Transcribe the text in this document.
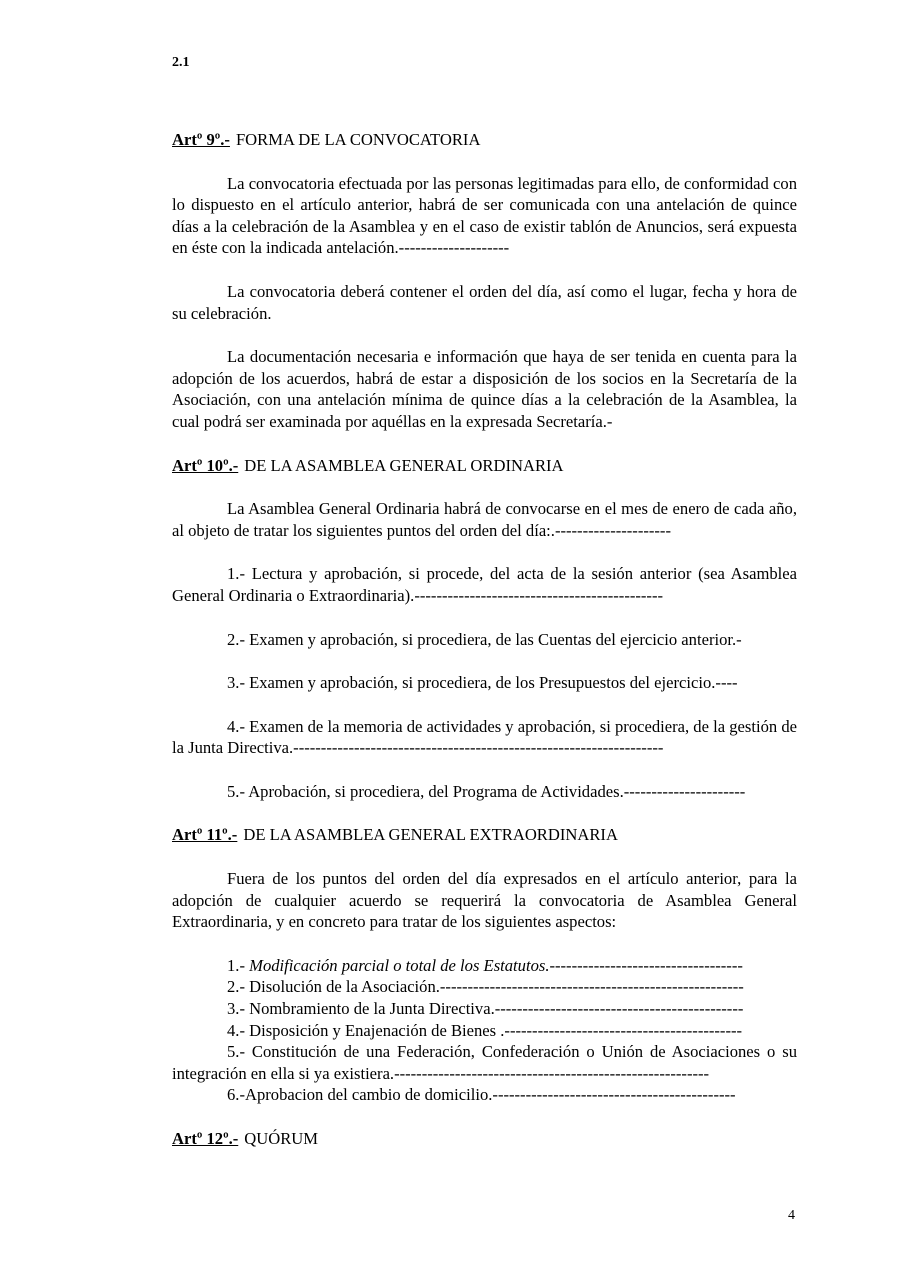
2.1

Artº 9º.- FORMA DE LA CONVOCATORIA

La convocatoria efectuada por las personas legitimadas para ello, de conformidad con lo dispuesto en el artículo anterior, habrá de ser comunicada con una antelación de quince días a la celebración de la Asamblea y en el caso de existir tablón de Anuncios, será expuesta en éste con la indicada antelación.--------------------

La convocatoria deberá contener el orden del día, así como el lugar, fecha y hora de su celebración.

La documentación necesaria e información que haya de ser tenida en cuenta para la adopción de los acuerdos, habrá de estar a disposición de los socios en la Secretaría de la Asociación, con una antelación mínima de quince días a la celebración de la Asamblea, la cual podrá ser examinada por aquéllas en la expresada Secretaría.-

Artº 10º.- DE LA ASAMBLEA GENERAL ORDINARIA

La Asamblea General Ordinaria habrá de convocarse en el mes de enero de cada año, al objeto de tratar los siguientes puntos del orden del día:.---------------------

1.- Lectura y aprobación, si procede, del acta de la sesión anterior (sea Asamblea General Ordinaria o Extraordinaria).---------------------------------------------

2.- Examen y aprobación, si procediera, de las Cuentas del ejercicio anterior.-

3.- Examen y aprobación, si procediera, de los Presupuestos del ejercicio.----

4.- Examen de la memoria de actividades y aprobación, si procediera, de la gestión de la Junta Directiva.-------------------------------------------------------------------

5.- Aprobación, si procediera, del Programa de Actividades.----------------------

Artº 11º.- DE LA ASAMBLEA GENERAL EXTRAORDINARIA

Fuera de los puntos del orden del día expresados en el artículo anterior, para la adopción de cualquier acuerdo se requerirá la convocatoria de Asamblea General Extraordinaria, y en concreto para tratar de los siguientes aspectos:

1.- Modificación parcial o total de los Estatutos.-----------------------------------

2.- Disolución de la Asociación.-------------------------------------------------------

3.- Nombramiento de la Junta Directiva.---------------------------------------------

4.- Disposición y Enajenación de Bienes .-------------------------------------------

5.- Constitución de una Federación, Confederación o Unión de Asociaciones o su integración en ella si ya existiera.---------------------------------------------------------

6.-Aprobacion del cambio de domicilio.--------------------------------------------

Artº 12º.- QUÓRUM

4
